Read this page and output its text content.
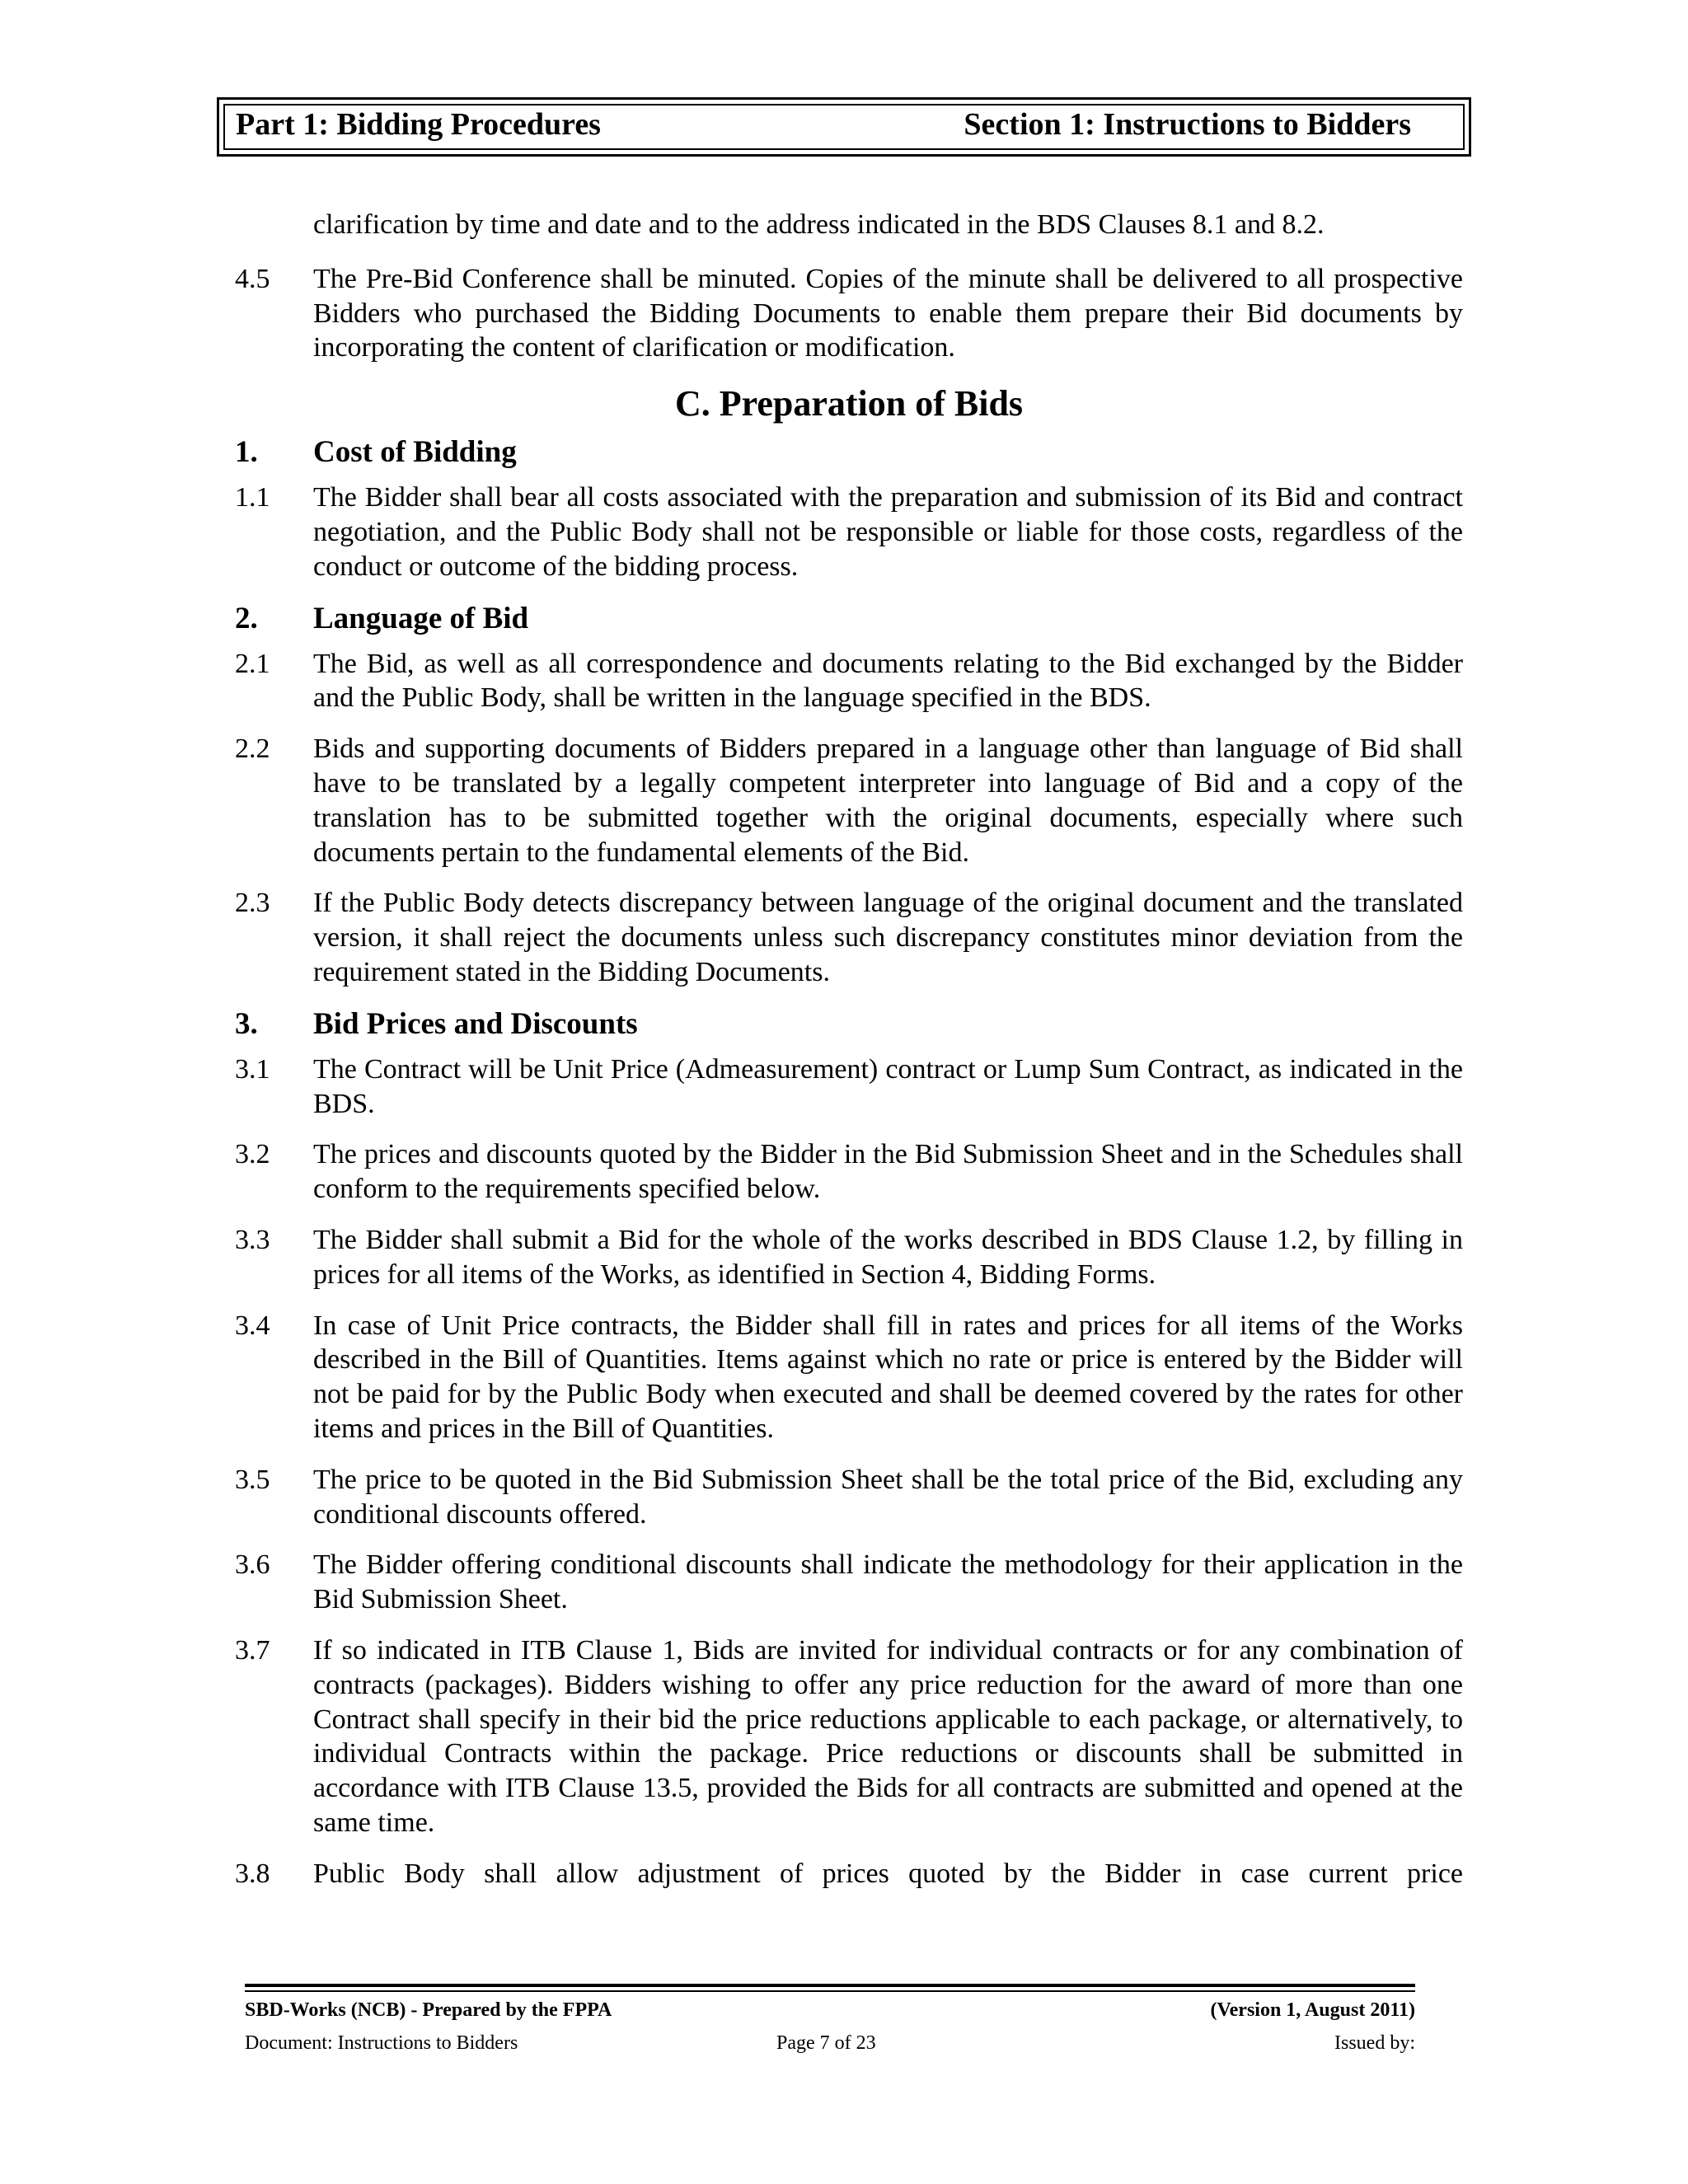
Part 1: Bidding Procedures	Section 1: Instructions to Bidders

clarification by time and date and to the address indicated in the BDS Clauses 8.1 and 8.2.

4.5 The Pre-Bid Conference shall be minuted. Copies of the minute shall be delivered to all prospective Bidders who purchased the Bidding Documents to enable them prepare their Bid documents by incorporating the content of clarification or modification.

C. Preparation of Bids
1. Cost of Bidding

1.1 The Bidder shall bear all costs associated with the preparation and submission of its Bid and contract negotiation, and the Public Body shall not be responsible or liable for those costs, regardless of the conduct or outcome of the bidding process.

2. Language of Bid

2.1 The Bid, as well as all correspondence and documents relating to the Bid exchanged by the Bidder and the Public Body, shall be written in the language specified in the BDS.

2.2 Bids and supporting documents of Bidders prepared in a language other than language of Bid shall have to be translated by a legally competent interpreter into language of Bid and a copy of the translation has to be submitted together with the original documents, especially where such documents pertain to the fundamental elements of the Bid.

2.3 If the Public Body detects discrepancy between language of the original document and the translated version, it shall reject the documents unless such discrepancy constitutes minor deviation from the requirement stated in the Bidding Documents.

3. Bid Prices and Discounts

3.1 The Contract will be Unit Price (Admeasurement) contract or Lump Sum Contract, as indicated in the BDS.

3.2 The prices and discounts quoted by the Bidder in the Bid Submission Sheet and in the Schedules shall conform to the requirements specified below.

3.3 The Bidder shall submit a Bid for the whole of the works described in BDS Clause 1.2, by filling in prices for all items of the Works, as identified in Section 4, Bidding Forms.

3.4 In case of Unit Price contracts, the Bidder shall fill in rates and prices for all items of the Works described in the Bill of Quantities. Items against which no rate or price is entered by the Bidder will not be paid for by the Public Body when executed and shall be deemed covered by the rates for other items and prices in the Bill of Quantities.

3.5 The price to be quoted in the Bid Submission Sheet shall be the total price of the Bid, excluding any conditional discounts offered.

3.6 The Bidder offering conditional discounts shall indicate the methodology for their application in the Bid Submission Sheet.

3.7 If so indicated in ITB Clause 1, Bids are invited for individual contracts or for any combination of contracts (packages). Bidders wishing to offer any price reduction for the award of more than one Contract shall specify in their bid the price reductions applicable to each package, or alternatively, to individual Contracts within the package. Price reductions or discounts shall be submitted in accordance with ITB Clause 13.5, provided the Bids for all contracts are submitted and opened at the same time.

3.8 Public Body shall allow adjustment of prices quoted by the Bidder in case current price

SBD-Works (NCB) - Prepared by the FPPA	(Version 1, August 2011)
Document: Instructions to Bidders	Page 7 of 23	Issued by:
